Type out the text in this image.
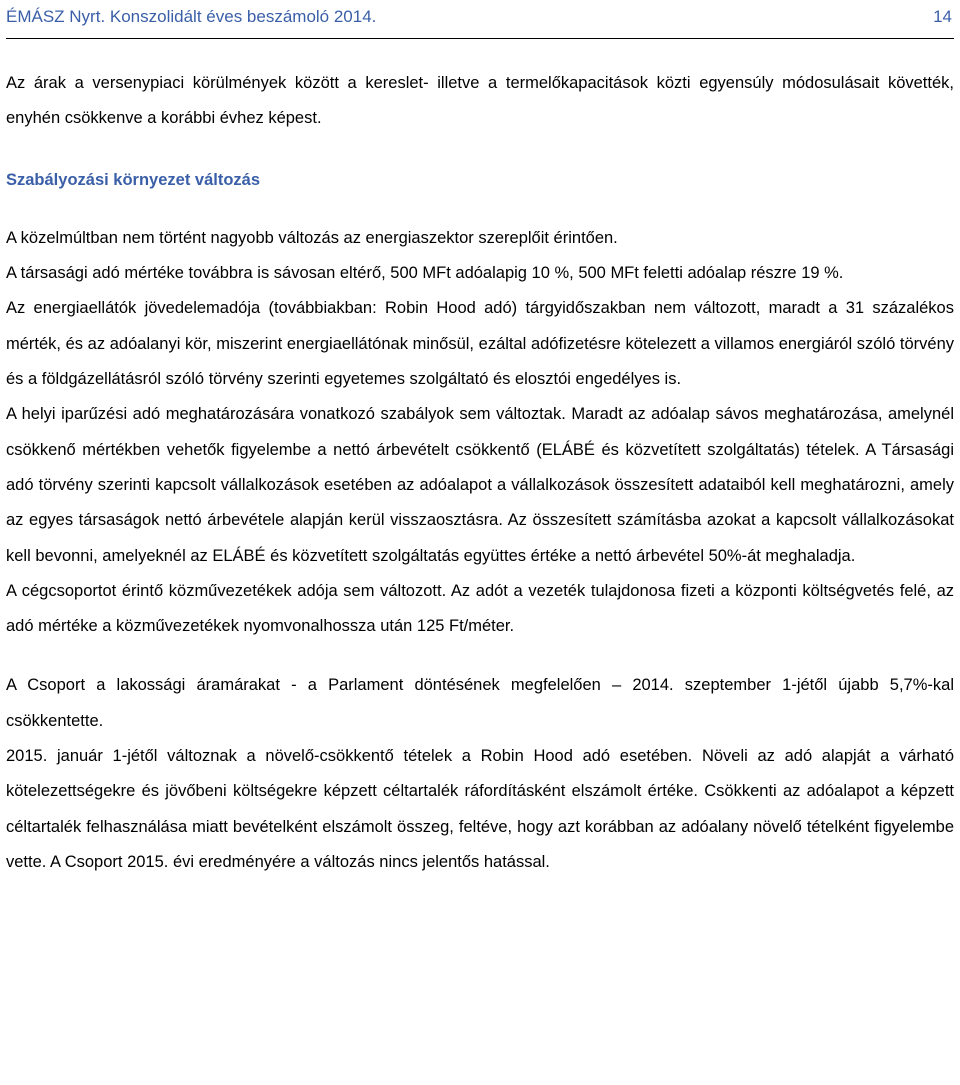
ÉMÁSZ Nyrt. Konszolidált éves beszámoló 2014.	14

Az árak a versenypiaci körülmények között a kereslet- illetve a termelőkapacitások közti egyensúly módosulásait követték, enyhén csökkenve a korábbi évhez képest.

Szabályozási környezet változás

A közelmúltban nem történt nagyobb változás az energiaszektor szereplőit érintően.

A társasági adó mértéke továbbra is sávosan eltérő, 500 MFt adóalapig 10 %, 500 MFt feletti adóalap részre 19 %.

Az energiaellátók jövedelemadója (továbbiakban: Robin Hood adó) tárgyidőszakban nem változott, maradt a 31 százalékos mérték, és az adóalanyi kör, miszerint energiaellátónak minősül, ezáltal adófizetésre kötelezett a villamos energiáról szóló törvény és a földgázellátásról szóló törvény szerinti egyetemes szolgáltató és elosztói engedélyes is.

A helyi iparűzési adó meghatározására vonatkozó szabályok sem változtak. Maradt az adóalap sávos meghatározása, amelynél csökkenő mértékben vehetők figyelembe a nettó árbevételt csökkentő (ELÁBÉ és közvetített szolgáltatás) tételek. A Társasági adó törvény szerinti kapcsolt vállalkozások esetében az adóalapot a vállalkozások összesített adataiból kell meghatározni, amely az egyes társaságok nettó árbevétele alapján kerül visszaosztásra. Az összesített számításba azokat a kapcsolt vállalkozásokat kell bevonni, amelyeknél az ELÁBÉ és közvetített szolgáltatás együttes értéke a nettó árbevétel 50%-át meghaladja.

A cégcsoportot érintő közművezetékek adója sem változott. Az adót a vezeték tulajdonosa fizeti a központi költségvetés felé, az adó mértéke a közművezetékek nyomvonalhossza után 125 Ft/méter.

A Csoport a lakossági áramárakat - a Parlament döntésének megfelelően – 2014. szeptember 1-jétől újabb 5,7%-kal csökkentette.

2015. január 1-jétől változnak a növelő-csökkentő tételek a Robin Hood adó esetében. Növeli az adó alapját a várható kötelezettségekre és jövőbeni költségekre képzett céltartalék ráfordításként elszámolt értéke. Csökkenti az adóalapot a képzett céltartalék felhasználása miatt bevételként elszámolt összeg, feltéve, hogy azt korábban az adóalany növelő tételként figyelembe vette. A Csoport 2015. évi eredményére a változás nincs jelentős hatással.
